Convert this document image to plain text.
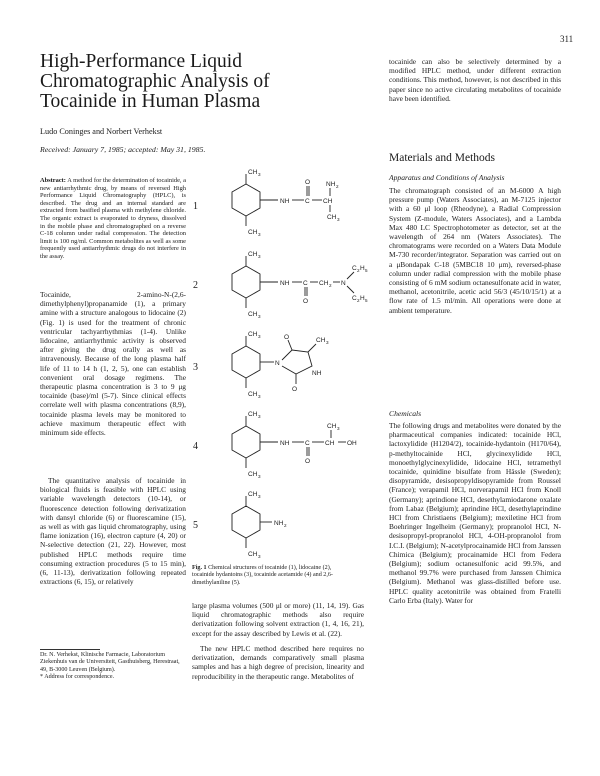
311
High-Performance Liquid
Chromatographic Analysis of
Tocainide in Human Plasma
Ludo Coninges and Norbert Verhekst
Received: January 7, 1985; accepted: May 31, 1985.
Abstract: A method for the determination of tocainide, a new antiarrhythmic drug, by means of reversed High Performance Liquid Chromatography (HPLC), is described. The drug and an internal standard are extracted from basified plasma with methylene chloride. The organic extract is evaporated to dryness, dissolved in the mobile phase and chromatographed on a reverse C-18 column under radial compression. The detection limit is 100 ng/ml. Common metabolites as well as some frequently used antiarrhythmic drugs do not interfere in the assay.

Tocainide, 2-amino-N-(2,6-dimethylphenyl)propanamide (1), a primary amine with a structure analogous to lidocaine (2) (Fig. 1) is used for the treatment of chronic ventricular tachyarrhythmias (1-4). Unlike lidocaine, antiarrhythmic activity is observed after giving the drug orally as well as intravenously. Because of the long plasma half life of 11 to 14 h (1, 2, 5), one can establish convenient oral dosage regimens. The therapeutic plasma concentration is 3 to 9 μg tocainide (base)/ml (5-7). Since clinical effects correlate well with plasma concentrations (8,9), tocainide plasma levels may be monitored to achieve maximum therapeutic effect with minimum side effects.

The quantitative analysis of tocainide in biological fluids is feasible with HPLC using variable wavelength detectors (10-14), or fluorescence detection following derivatization with dansyl chloride (6) or fluorescamine (15), as well as with gas liquid chromatography, using flame ionization (16), electron capture (4, 20) or N-selective detection (21, 22). However, most published HPLC methods require time consuming extraction procedures (5 to 15 min), (6, 11-13), derivatization following repeated extractions (6, 15), or relatively

Dr. N. Verhekst, Klinische Farmacie, Laboratorium Ziekenhuis van de Universiteit, Gasthuisberg, Herestraat, 49, B-3000 Leuven (Belgium).
* Address for correspondence.
1
2
3
4
5
CH 3
CH 3
NH C
O
CH
NH 2
CH 3
CH 3
CH 3
NH C
O
CH 2 N
C 2 H 5
C 2 H 5
CH 3
CH 3
N
O	CH 3
NH
O
CH 3
CH 3
NH C
O
CH OH
CH 3
CH 3
CH 3
NH 2
Fig. 1 Chemical structures of tocainide (1), lidocaine (2), tocainide hydantoins (3), tocainide acetamide (4) and 2,6-dimethylaniline (5).

large plasma volumes (500 μl or more) (11, 14, 19). Gas liquid chromatographic methods also require derivatization following solvent extraction (1, 4, 16, 21), except for the assay described by Lewis et al. (22).

The new HPLC method described here requires no derivatization, demands comparatively small plasma samples and has a high degree of precision, linearity and reproducibility in the therapeutic range. Metabolites of

tocainide can also be selectively determined by a modified HPLC method, under different extraction conditions. This method, however, is not described in this paper since no active circulating metabolites of tocainide have been identified.

Materials and Methods
Apparatus and Conditions of Analysis

The chromatograph consisted of an M-6000 A high pressure pump (Waters Associates), an M-7125 injector with a 60 μl loop (Rheodyne), a Radial Compression System (Z-module, Waters Associates), and a Lambda Max 480 LC Spectrophotometer as detector, set at the wavelength of 264 nm (Waters Associates). The chromatograms were recorded on a Waters Data Module M-730 recorder/integrator. Separation was carried out on a μBondapak C-18 (5MBC18 10 μm), reversed-phase column under radial compression with the mobile phase consisting of 6 mM sodium octanesulfonate acid in water, methanol, acetonitrile, acetic acid 56/3 (45/10/15/1) at a flow rate of 1.5 ml/min. All operations were done at ambient temperature.

Chemicals

The following drugs and metabolites were donated by the pharmaceutical companies indicated: tocainide HCl, lactoxylidide (H1204/2), tocainide-hydantoin (H170/64), p-methyltocainide HCl, glycinexylidide HCl, monoethylglycinexylidide, lidocaine HCl, tetramethyl tocainide, quinidine bisulfate from Hässle (Sweden); disopyramide, desisopropyldisopyramide from Roussel (France); verapamil HCl, norverapamil HCl from Knoll (Germany); aprindione HCl, desethylamiodarone oxalate from Labaz (Belgium); aprindine HCl, desethylaprindine HCl from Christiaens (Belgium); mexiletine HCl from Boehringer Ingelheim (Germany); propranolol HCl, N-desisopropyl-propranolol HCl, 4-OH-propranolol from I.C.I. (Belgium); N-acetylprocainamide HCl from Janssen Chimica (Belgium); procainamide HCl from Federa (Belgium); sodium octanesulfonic acid 99.5%, and methanol 99.7% were purchased from Janssen Chimica (Belgium). Methanol was glass-distilled before use. HPLC quality acetonitrile was obtained from Fratelli Carlo Erba (Italy). Water for
